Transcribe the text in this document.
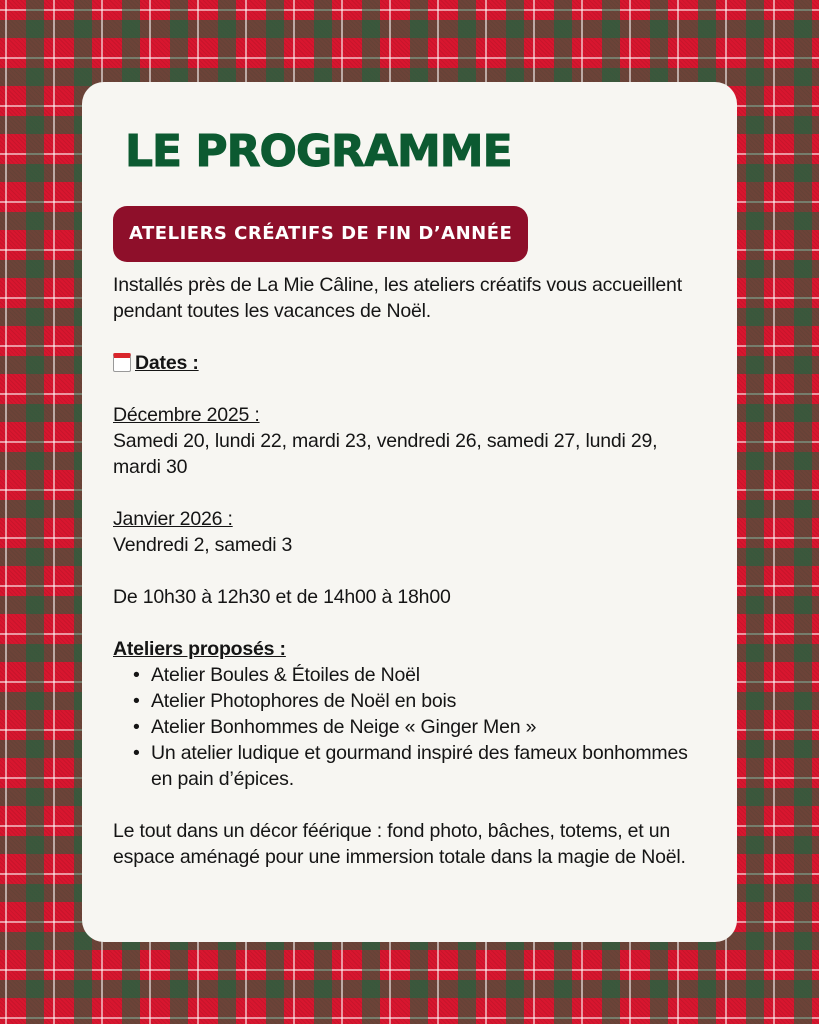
LE PROGRAMME
ATELIERS CRÉATIFS DE FIN D’ANNÉE
Installés près de La Mie Câline, les ateliers créatifs vous accueillent pendant toutes les vacances de Noël.
Dates :
Décembre 2025 :
Samedi 20, lundi 22, mardi 23, vendredi 26, samedi 27, lundi 29, mardi 30
Janvier 2026 :
Vendredi 2, samedi 3
De 10h30 à 12h30 et de 14h00 à 18h00
Ateliers proposés :
• Atelier Boules & Étoiles de Noël
• Atelier Photophores de Noël en bois
• Atelier Bonhommes de Neige « Ginger Men »
• Un atelier ludique et gourmand inspiré des fameux bonhommes en pain d’épices.
Le tout dans un décor féérique : fond photo, bâches, totems, et un espace aménagé pour une immersion totale dans la magie de Noël.
